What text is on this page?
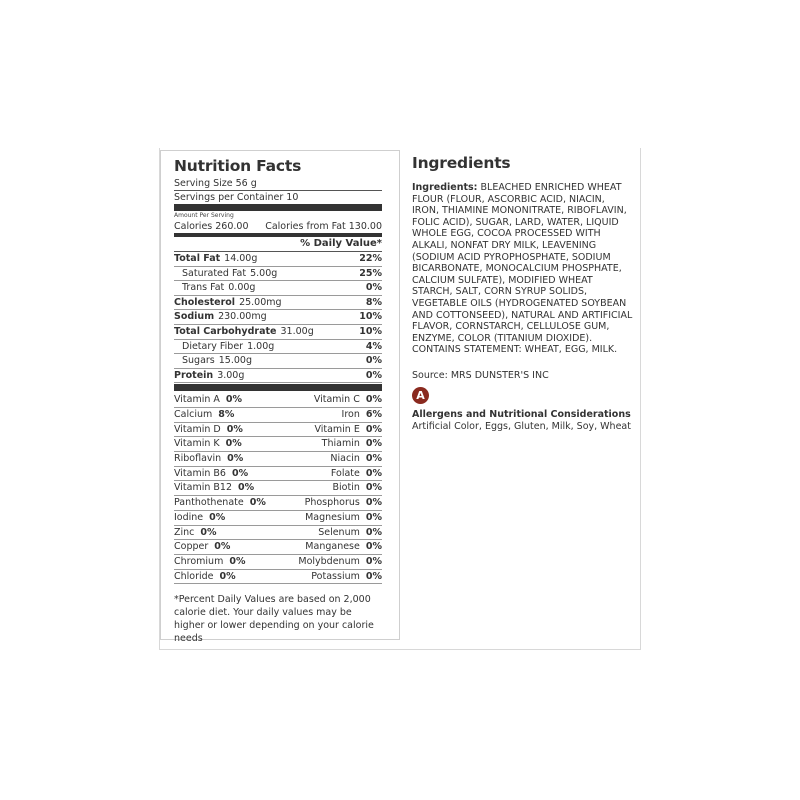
Nutrition Facts
Serving Size 56 g
Servings per Container 10
Amount Per Serving
Calories 260.00 Calories from Fat 130.00
% Daily Value*
Total Fat 14.00g	22%
Saturated Fat 5.00g	25%
Trans Fat 0.00g	0%
Cholesterol 25.00mg	8%
Sodium 230.00mg	10%
Total Carbohydrate 31.00g	10%
Dietary Fiber 1.00g	4%
Sugars 15.00g	0%
Protein 3.00g	0%
Vitamin A 0%	Vitamin C 0%
Calcium 8%	Iron 6%
Vitamin D 0%	Vitamin E 0%
Vitamin K 0%	Thiamin 0%
Riboflavin 0%	Niacin 0%
Vitamin B6 0%	Folate 0%
Vitamin B12 0%	Biotin 0%
Panthothenate 0%	Phosphorus 0%
Iodine 0%	Magnesium 0%
Zinc 0%	Selenum 0%
Copper 0%	Manganese 0%
Chromium 0%	Molybdenum 0%
Chloride 0%	Potassium 0%
*Percent Daily Values are based on 2,000 calorie diet. Your daily values may be higher or lower depending on your calorie needs
Ingredients
Ingredients: BLEACHED ENRICHED WHEAT FLOUR (FLOUR, ASCORBIC ACID, NIACIN, IRON, THIAMINE MONONITRATE, RIBOFLAVIN, FOLIC ACID), SUGAR, LARD, WATER, LIQUID WHOLE EGG, COCOA PROCESSED WITH ALKALI, NONFAT DRY MILK, LEAVENING (SODIUM ACID PYROPHOSPHATE, SODIUM BICARBONATE, MONOCALCIUM PHOSPHATE, CALCIUM SULFATE), MODIFIED WHEAT STARCH, SALT, CORN SYRUP SOLIDS, VEGETABLE OILS (HYDROGENATED SOYBEAN AND COTTONSEED), NATURAL AND ARTIFICIAL FLAVOR, CORNSTARCH, CELLULOSE GUM, ENZYME, COLOR (TITANIUM DIOXIDE). CONTAINS STATEMENT: WHEAT, EGG, MILK.
Source: MRS DUNSTER'S INC
A
Allergens and Nutritional Considerations
Artificial Color, Eggs, Gluten, Milk, Soy, Wheat
